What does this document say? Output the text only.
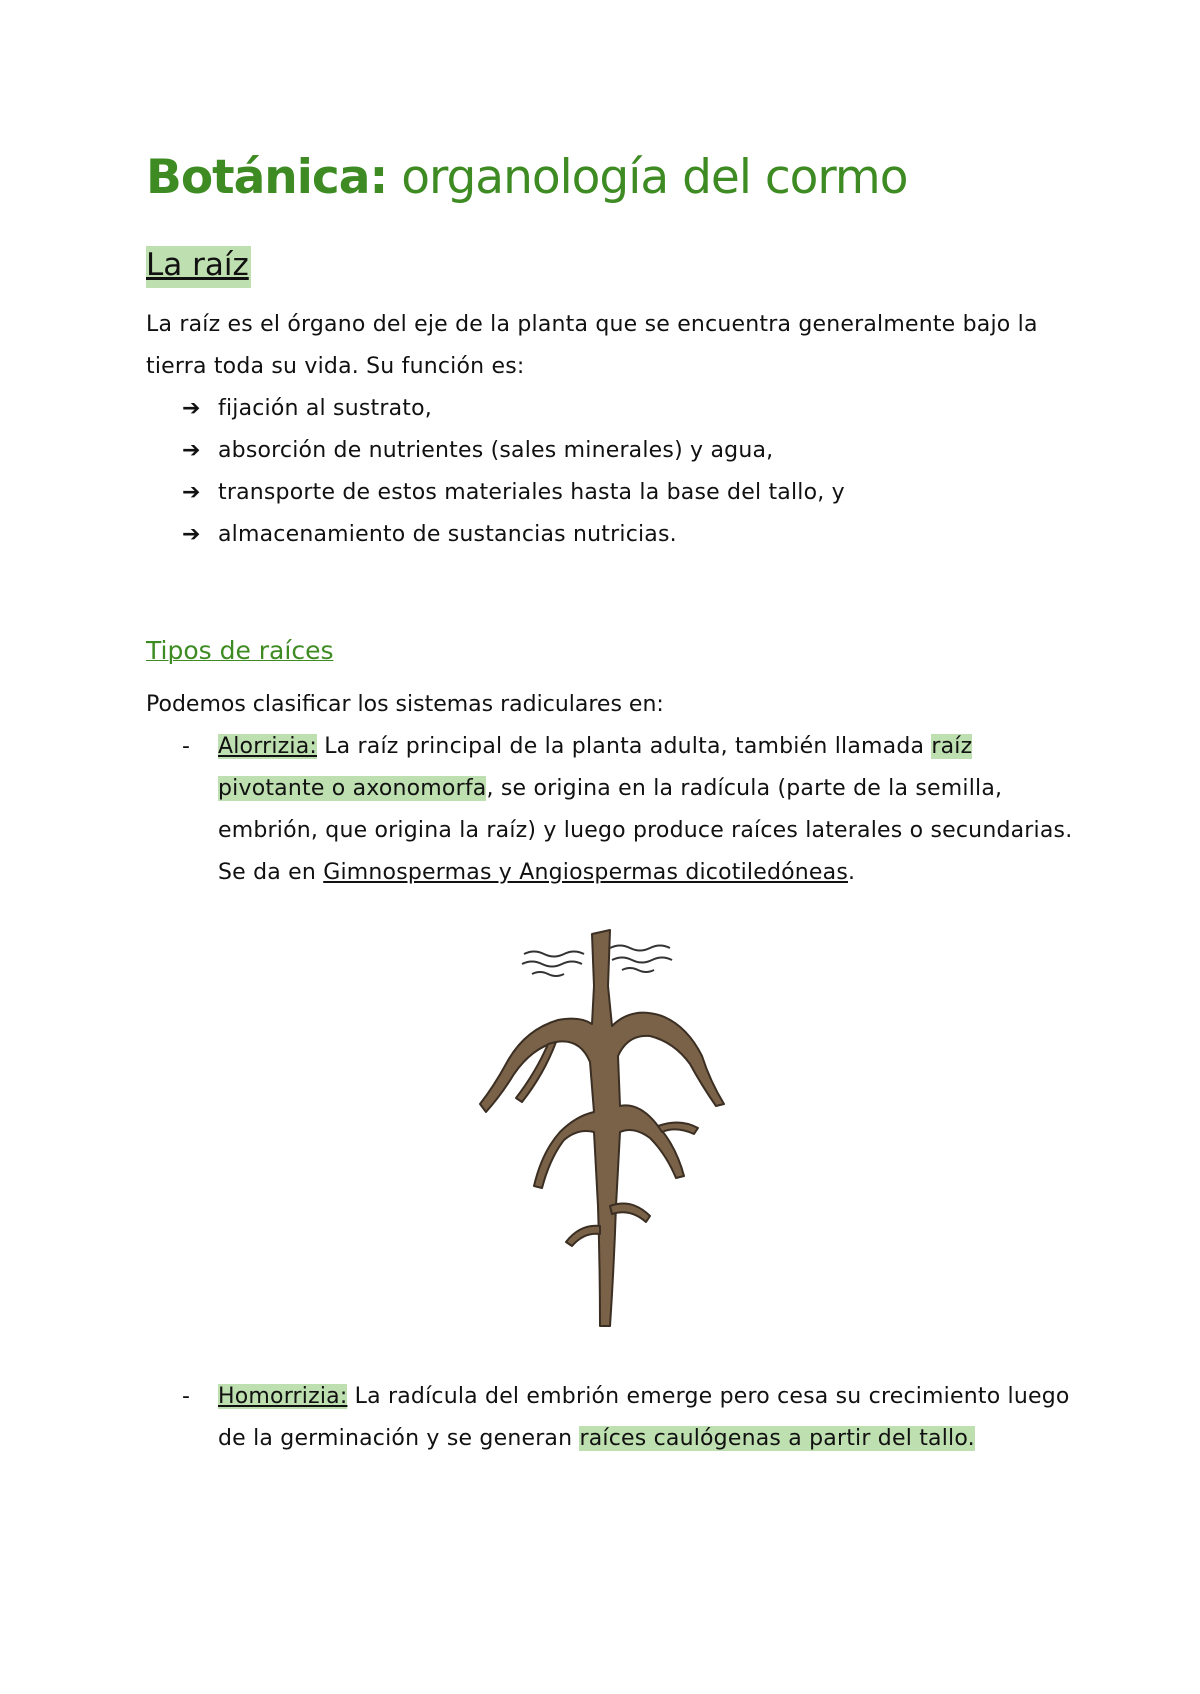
Botánica: organología del cormo
La raíz
La raíz es el órgano del eje de la planta que se encuentra generalmente bajo la tierra toda su vida. Su función es:
➔ fijación al sustrato,
➔ absorción de nutrientes (sales minerales) y agua,
➔ transporte de estos materiales hasta la base del tallo, y
➔ almacenamiento de sustancias nutricias.
Tipos de raíces
Podemos clasificar los sistemas radiculares en:
- Alorrizia: La raíz principal de la planta adulta, también llamada raíz pivotante o axonomorfa, se origina en la radícula (parte de la semilla, embrión, que origina la raíz) y luego produce raíces laterales o secundarias. Se da en Gimnospermas y Angiospermas dicotiledóneas.
- Homorrizia: La radícula del embrión emerge pero cesa su crecimiento luego de la germinación y se generan raíces caulógenas a partir del tallo.
